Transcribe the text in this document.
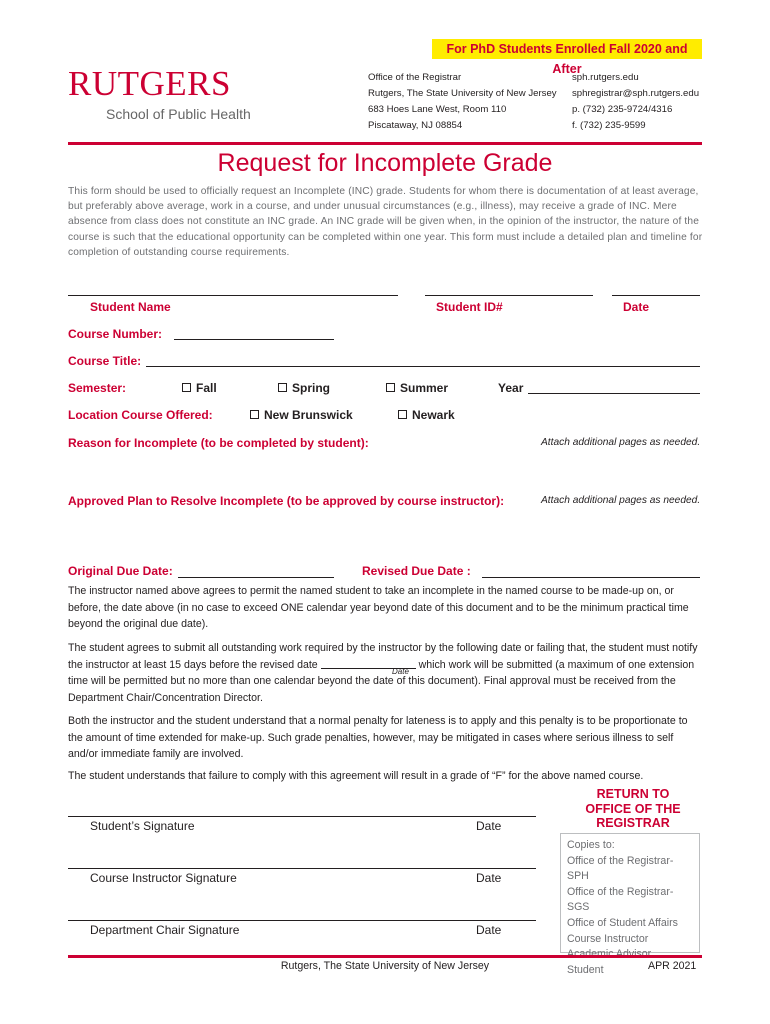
For PhD Students Enrolled Fall 2020 and After
RUTGERS
School of Public Health
Office of the Registrar
Rutgers, The State University of New Jersey
683 Hoes Lane West, Room 110
Piscataway, NJ 08854
sph.rutgers.edu
sphregistrar@sph.rutgers.edu
p. (732) 235-9724/4316
f. (732) 235-9599
Request for Incomplete Grade
This form should be used to officially request an Incomplete (INC) grade. Students for whom there is documentation of at least average, but preferably above average, work in a course, and under unusual circumstances (e.g., illness), may receive a grade of INC. Mere absence from class does not constitute an INC grade. An INC grade will be given when, in the opinion of the instructor, the nature of the course is such that the educational opportunity can be completed within one year. This form must include a detailed plan and timeline for completion of outstanding course requirements.
Student Name	Student ID#	Date
Course Number:
Course Title:
Semester:	Fall	Spring	Summer	Year
Location Course Offered:	New Brunswick	Newark
Reason for Incomplete (to be completed by student):	Attach additional pages as needed.
Approved Plan to Resolve Incomplete (to be approved by course instructor):	Attach additional pages as needed.
Original Due Date:	Revised Due Date :
The instructor named above agrees to permit the named student to take an incomplete in the named course to be made-up on, or before, the date above (in no case to exceed ONE calendar year beyond date of this document and to be the minimum practical time beyond the original due date).
The student agrees to submit all outstanding work required by the instructor by the following date or failing that, the student must notify the instructor at least 15 days before the revised date	which work will be submitted (a maximum of one extension time will be permitted but no more than one calendar beyond the date of this document). Final approval must be received from the Department Chair/Concentration Director.
Date
Both the instructor and the student understand that a normal penalty for lateness is to apply and this penalty is to be proportionate to the amount of time extended for make-up. Such grade penalties, however, may be mitigated in cases where serious illness to self and/or immediate family are involved.
The student understands that failure to comply with this agreement will result in a grade of “F” for the above named course.
RETURN TO
OFFICE OF THE
REGISTRAR
Copies to:
Office of the Registrar-SPH
Office of the Registrar-SGS
Office of Student Affairs
Course Instructor
Student
Student’s Signature	Date
Course Instructor Signature	Date
Department Chair Signature	Date
Rutgers, The State University of New Jersey	APR 2021
